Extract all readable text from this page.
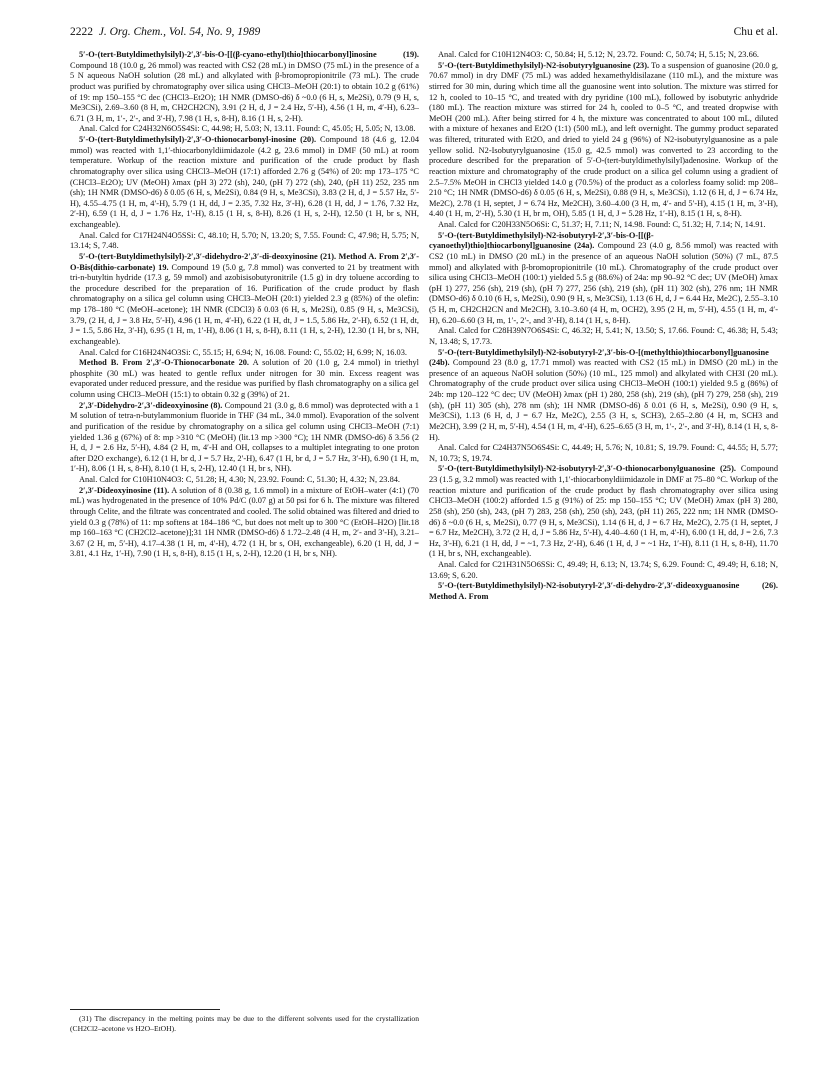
2222 J. Org. Chem., Vol. 54, No. 9, 1989	Chu et al.

5′-O-(tert-Butyldimethylsilyl)-2′,3′-bis-O-[[(β-cyano-ethyl)thio]thiocarbonyl]inosine (19). Compound 18 (10.0 g, 26 mmol) was reacted with CS2 (28 mL) in DMSO (75 mL) in the presence of a 5 N aqueous NaOH solution (28 mL) and alkylated with β-bromopropionitrile (73 mL). The crude product was purified by chromatography over silica using CHCl3–MeOH (20:1) to obtain 10.2 g (61%) of 19: mp 150–155 °C dec (CHCl3–Et2O); 1H NMR (DMSO-d6) δ ~0.0 (6 H, s, Me2Si), 0.79 (9 H, s, Me3CSi), 2.69–3.60 (8 H, m, CH2CH2CN), 3.91 (2 H, d, J = 2.4 Hz, 5′-H), 4.56 (1 H, m, 4′-H), 6.23–6.71 (3 H, m, 1′-, 2′-, and 3′-H), 7.98 (1 H, s, 8-H), 8.16 (1 H, s, 2-H).

Anal. Calcd for C24H32N6O5S4Si: C, 44.98; H, 5.03; N, 13.11. Found: C, 45.05; H, 5.05; N, 13.08.

5′-O-(tert-Butyldimethylsilyl)-2′,3′-O-thionocarbonyl-inosine (20). Compound 18 (4.6 g, 12.04 mmol) was reacted with 1,1′-thiocarbonyldiimidazole (4.2 g, 23.6 mmol) in DMF (50 mL) at room temperature. Workup of the reaction mixture and purification of the crude product by flash chromatography over silica using CHCl3–MeOH (17:1) afforded 2.76 g (54%) of 20: mp 173–175 °C (CHCl3–Et2O); UV (MeOH) λmax (pH 3) 272 (sh), 240, (pH 7) 272 (sh), 240, (pH 11) 252, 235 nm (sh); 1H NMR (DMSO-d6) δ 0.05 (6 H, s, Me2Si), 0.84 (9 H, s, Me3CSi), 3.83 (2 H, d, J = 5.57 Hz, 5′-H), 4.55–4.75 (1 H, m, 4′-H), 5.79 (1 H, dd, J = 2.35, 7.32 Hz, 3′-H), 6.28 (1 H, dd, J = 1.76, 7.32 Hz, 2′-H), 6.59 (1 H, d, J = 1.76 Hz, 1′-H), 8.15 (1 H, s, 8-H), 8.26 (1 H, s, 2-H), 12.50 (1 H, br s, NH, exchangeable).

Anal. Calcd for C17H24N4O5SSi: C, 48.10; H, 5.70; N, 13.20; S, 7.55. Found: C, 47.98; H, 5.75; N, 13.14; S, 7.48.

5′-O-(tert-Butyldimethylsilyl)-2′,3′-didehydro-2′,3′-di-deoxyinosine (21). Method A. From 2′,3′-O-Bis(dithio-carbonate) 19. Compound 19 (5.0 g, 7.8 mmol) was converted to 21 by treatment with tri-n-butyltin hydride (17.3 g, 59 mmol) and azobisisobutyronitrile (1.5 g) in dry toluene according to the procedure described for the preparation of 16. Purification of the crude product by flash chromatography on a silica gel column using CHCl3–MeOH (20:1) yielded 2.3 g (85%) of the olefin: mp 178–180 °C (MeOH–acetone); 1H NMR (CDCl3) δ 0.03 (6 H, s, Me2Si), 0.85 (9 H, s, Me3CSi), 3.79, (2 H, d, J = 3.8 Hz, 5′-H), 4.96 (1 H, m, 4′-H), 6.22 (1 H, dt, J = 1.5, 5.86 Hz, 2′-H), 6.52 (1 H, dt, J = 1.5, 5.86 Hz, 3′-H), 6.95 (1 H, m, 1′-H), 8.06 (1 H, s, 8-H), 8.11 (1 H, s, 2-H), 12.30 (1 H, br s, NH, exchangeable).

Anal. Calcd for C16H24N4O3Si: C, 55.15; H, 6.94; N, 16.08. Found: C, 55.02; H, 6.99; N, 16.03.

Method B. From 2′,3′-O-Thionocarbonate 20. A solution of 20 (1.0 g, 2.4 mmol) in triethyl phosphite (30 mL) was heated to gentle reflux under nitrogen for 30 min. Excess reagent was evaporated under reduced pressure, and the residue was purified by flash chromatography on a silica gel column using CHCl3–MeOH (15:1) to obtain 0.32 g (39%) of 21.

2′,3′-Didehydro-2′,3′-dideoxyinosine (8). Compound 21 (3.0 g, 8.6 mmol) was deprotected with a 1 M solution of tetra-n-butylammonium fluoride in THF (34 mL, 34.0 mmol). Evaporation of the solvent and purification of the residue by chromatography on a silica gel column using CHCl3–MeOH (7:1) yielded 1.36 g (67%) of 8: mp >310 °C (MeOH) (lit.13 mp >300 °C); 1H NMR (DMSO-d6) δ 3.56 (2 H, d, J = 2.6 Hz, 5′-H), 4.84 (2 H, m, 4′-H and OH, collapses to a multiplet integrating to one proton after D2O exchange), 6.12 (1 H, br d, J = 5.7 Hz, 2′-H), 6.47 (1 H, br d, J = 5.7 Hz, 3′-H), 6.90 (1 H, m, 1′-H), 8.06 (1 H, s, 8-H), 8.10 (1 H, s, 2-H), 12.40 (1 H, br s, NH).

Anal. Calcd for C10H10N4O3: C, 51.28; H, 4.30; N, 23.92. Found: C, 51.30; H, 4.32; N, 23.84.

2′,3′-Dideoxyinosine (11). A solution of 8 (0.38 g, 1.6 mmol) in a mixture of EtOH–water (4:1) (70 mL) was hydrogenated in the presence of 10% Pd/C (0.07 g) at 50 psi for 6 h. The mixture was filtered through Celite, and the filtrate was concentrated and cooled. The solid obtained was filtered and dried to yield 0.3 g (78%) of 11: mp softens at 184–186 °C, but does not melt up to 300 °C (EtOH–H2O) [lit.18 mp 160–163 °C (CH2Cl2–acetone)];31 1H NMR (DMSO-d6) δ 1.72–2.48 (4 H, m, 2′- and 3′-H), 3.21–3.67 (2 H, m, 5′-H), 4.17–4.38 (1 H, m, 4′-H), 4.72 (1 H, br s, OH, exchangeable), 6.20 (1 H, dd, J = 3.81, 4.1 Hz, 1′-H), 7.90 (1 H, s, 8-H), 8.15 (1 H, s, 2-H), 12.20 (1 H, br s, NH).

Anal. Calcd for C10H12N4O3: C, 50.84; H, 5.12; N, 23.72. Found: C, 50.74; H, 5.15; N, 23.66.

5′-O-(tert-Butyldimethylsilyl)-N2-isobutyrylguanosine (23). To a suspension of guanosine (20.0 g, 70.67 mmol) in dry DMF (75 mL) was added hexamethyldisilazane (110 mL), and the mixture was stirred for 30 min, during which time all the guanosine went into solution. The mixture was stirred for 12 h, cooled to 10–15 °C, and treated with dry pyridine (100 mL), followed by isobutyric anhydride (180 mL). The reaction mixture was stirred for 24 h, cooled to 0–5 °C, and treated dropwise with MeOH (200 mL). After being stirred for 4 h, the mixture was concentrated to about 100 mL, diluted with a mixture of hexanes and Et2O (1:1) (500 mL), and left overnight. The gummy product separated was filtered, triturated with Et2O, and dried to yield 24 g (96%) of N2-isobutyrylguanosine as a pale yellow solid. N2-Isobutyrylguanosine (15.0 g, 42.5 mmol) was converted to 23 according to the procedure described for the preparation of 5′-O-(tert-butyldimethylsilyl)adenosine. Workup of the reaction mixture and chromatography of the crude product on a silica gel column using a gradient of 2.5–7.5% MeOH in CHCl3 yielded 14.0 g (70.5%) of the product as a colorless foamy solid: mp 208–210 °C; 1H NMR (DMSO-d6) δ 0.05 (6 H, s, Me2Si), 0.88 (9 H, s, Me3CSi), 1.12 (6 H, d, J = 6.74 Hz, Me2C), 2.78 (1 H, septet, J = 6.74 Hz, Me2CH), 3.60–4.00 (3 H, m, 4′- and 5′-H), 4.15 (1 H, m, 3′-H), 4.40 (1 H, m, 2′-H), 5.30 (1 H, br m, OH), 5.85 (1 H, d, J = 5.28 Hz, 1′-H), 8.15 (1 H, s, 8-H).

Anal. Calcd for C20H33N5O6Si: C, 51.37; H, 7.11; N, 14.98. Found: C, 51.32; H, 7.14; N, 14.91.

5′-O-(tert-Butyldimethylsilyl)-N2-isobutyryl-2′,3′-bis-O-[[(β-cyanoethyl)thio]thiocarbonyl]guanosine (24a). Compound 23 (4.0 g, 8.56 mmol) was reacted with CS2 (10 mL) in DMSO (20 mL) in the presence of an aqueous NaOH solution (50%) (7 mL, 87.5 mmol) and alkylated with β-bromopropionitrile (10 mL). Chromatography of the crude product over silica using CHCl3–MeOH (100:1) yielded 5.5 g (88.6%) of 24a: mp 90–92 °C dec; UV (MeOH) λmax (pH 1) 277, 256 (sh), 219 (sh), (pH 7) 277, 256 (sh), 219 (sh), (pH 11) 302 (sh), 276 nm; 1H NMR (DMSO-d6) δ 0.10 (6 H, s, Me2Si), 0.90 (9 H, s, Me3CSi), 1.13 (6 H, d, J = 6.44 Hz, Me2C), 2.55–3.10 (5 H, m, CH2CH2CN and Me2CH), 3.10–3.60 (4 H, m, OCH2), 3.95 (2 H, m, 5′-H), 4.55 (1 H, m, 4′-H), 6.20–6.60 (3 H, m, 1′-, 2′-, and 3′-H), 8.14 (1 H, s, 8-H).

Anal. Calcd for C28H39N7O6S4Si: C, 46.32; H, 5.41; N, 13.50; S, 17.66. Found: C, 46.38; H, 5.43; N, 13.48; S, 17.73.

5′-O-(tert-Butyldimethylsilyl)-N2-isobutyryl-2′,3′-bis-O-[(methylthio)thiocarbonyl]guanosine (24b). Compound 23 (8.0 g, 17.71 mmol) was reacted with CS2 (15 mL) in DMSO (20 mL) in the presence of an aqueous NaOH solution (50%) (10 mL, 125 mmol) and alkylated with CH3I (20 mL). Chromatography of the crude product over silica using CHCl3–MeOH (100:1) yielded 9.5 g (86%) of 24b: mp 120–122 °C dec; UV (MeOH) λmax (pH 1) 280, 258 (sh), 219 (sh), (pH 7) 279, 258 (sh), 219 (sh), (pH 11) 305 (sh), 278 nm (sh); 1H NMR (DMSO-d6) δ 0.01 (6 H, s, Me2Si), 0.90 (9 H, s, Me3CSi), 1.13 (6 H, d, J = 6.7 Hz, Me2C), 2.55 (3 H, s, SCH3), 2.65–2.80 (4 H, m, SCH3 and Me2CH), 3.99 (2 H, m, 5′-H), 4.54 (1 H, m, 4′-H), 6.25–6.65 (3 H, m, 1′-, 2′-, and 3′-H), 8.14 (1 H, s, 8-H).

Anal. Calcd for C24H37N5O6S4Si: C, 44.49; H, 5.76; N, 10.81; S, 19.79. Found: C, 44.55; H, 5.77; N, 10.73; S, 19.74.

5′-O-(tert-Butyldimethylsilyl)-N2-isobutyryl-2′,3′-O-thionocarbonylguanosine (25). Compound 23 (1.5 g, 3.2 mmol) was reacted with 1,1′-thiocarbonyldiimidazole in DMF at 75–80 °C. Workup of the reaction mixture and purification of the crude product by flash chromatography over silica using CHCl3–MeOH (100:2) afforded 1.5 g (91%) of 25: mp 150–155 °C; UV (MeOH) λmax (pH 3) 280, 258 (sh), 250 (sh), 243, (pH 7) 283, 258 (sh), 250 (sh), 243, (pH 11) 265, 222 nm; 1H NMR (DMSO-d6) δ ~0.0 (6 H, s, Me2Si), 0.77 (9 H, s, Me3CSi), 1.14 (6 H, d, J = 6.7 Hz, Me2C), 2.75 (1 H, septet, J = 6.7 Hz, Me2CH), 3.72 (2 H, d, J = 5.86 Hz, 5′-H), 4.40–4.60 (1 H, m, 4′-H), 6.00 (1 H, dd, J = 2.6, 7.3 Hz, 3′-H), 6.21 (1 H, dd, J = ~1, 7.3 Hz, 2′-H), 6.46 (1 H, d, J = ~1 Hz, 1′-H), 8.11 (1 H, s, 8-H), 11.70 (1 H, br s, NH, exchangeable).

Anal. Calcd for C21H31N5O6SSi: C, 49.49; H, 6.13; N, 13.74; S, 6.29. Found: C, 49.49; H, 6.18; N, 13.69; S, 6.20.

5′-O-(tert-Butyldimethylsilyl)-N2-isobutyryl-2′,3′-di-dehydro-2′,3′-dideoxyguanosine (26). Method A. From

(31) The discrepancy in the melting points may be due to the different solvents used for the crystallization (CH2Cl2–acetone vs H2O–EtOH).
